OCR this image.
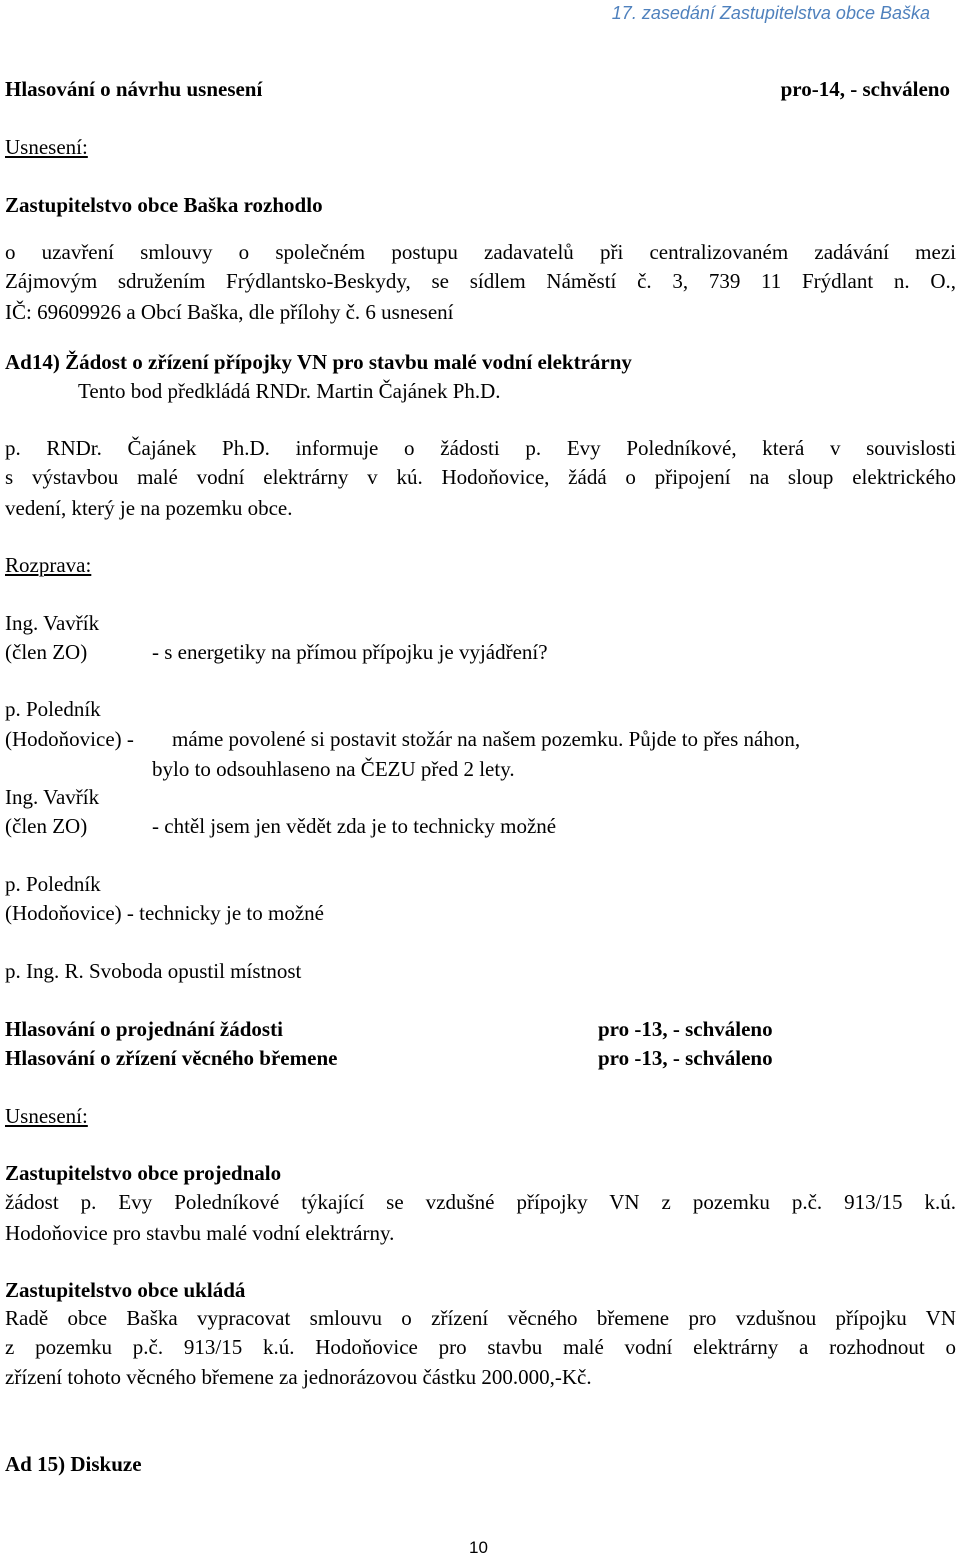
17. zasedání Zastupitelstva obce Baška
Hlasování o návrhu usnesení	pro-14, - schváleno
Usnesení:
Zastupitelstvo obce Baška rozhodlo
o uzavření smlouvy o společném postupu zadavatelů při centralizovaném zadávání mezi
Zájmovým sdružením Frýdlantsko-Beskydy, se sídlem Náměstí č. 3, 739 11 Frýdlant n. O.,
IČ: 69609926 a Obcí Baška, dle přílohy č. 6 usnesení
Ad14) Žádost o zřízení přípojky VN pro stavbu malé vodní elektrárny
Tento bod předkládá RNDr. Martin Čajánek Ph.D.
p. RNDr. Čajánek Ph.D. informuje o žádosti p. Evy Poledníkové, která v souvislosti
s výstavbou malé vodní elektrárny v kú. Hodoňovice, žádá o připojení na sloup elektrického
vedení, který je na pozemku obce.
Rozprava:
Ing. Vavřík
(člen ZO)	- s energetiky na přímou přípojku je vyjádření?
p. Poledník
(Hodoňovice) - máme povolené si postavit stožár na našem pozemku. Půjde to přes náhon,
bylo to odsouhlaseno na ČEZU před 2 lety.
Ing. Vavřík
(člen ZO)	- chtěl jsem jen vědět zda je to technicky možné
p. Poledník
(Hodoňovice) - technicky je to možné
p. Ing. R. Svoboda opustil místnost
Hlasování o projednání žádosti	pro -13, - schváleno
Hlasování o zřízení věcného břemene	pro -13, - schváleno
Usnesení:
Zastupitelstvo obce projednalo
žádost p. Evy Poledníkové týkající se vzdušné přípojky VN z pozemku p.č. 913/15 k.ú.
Hodoňovice pro stavbu malé vodní elektrárny.
Zastupitelstvo obce ukládá
Radě obce Baška vypracovat smlouvu o zřízení věcného břemene pro vzdušnou přípojku VN
z pozemku p.č. 913/15 k.ú. Hodoňovice pro stavbu malé vodní elektrárny a rozhodnout o
zřízení tohoto věcného břemene za jednorázovou částku 200.000,-Kč.
Ad 15) Diskuze
10
